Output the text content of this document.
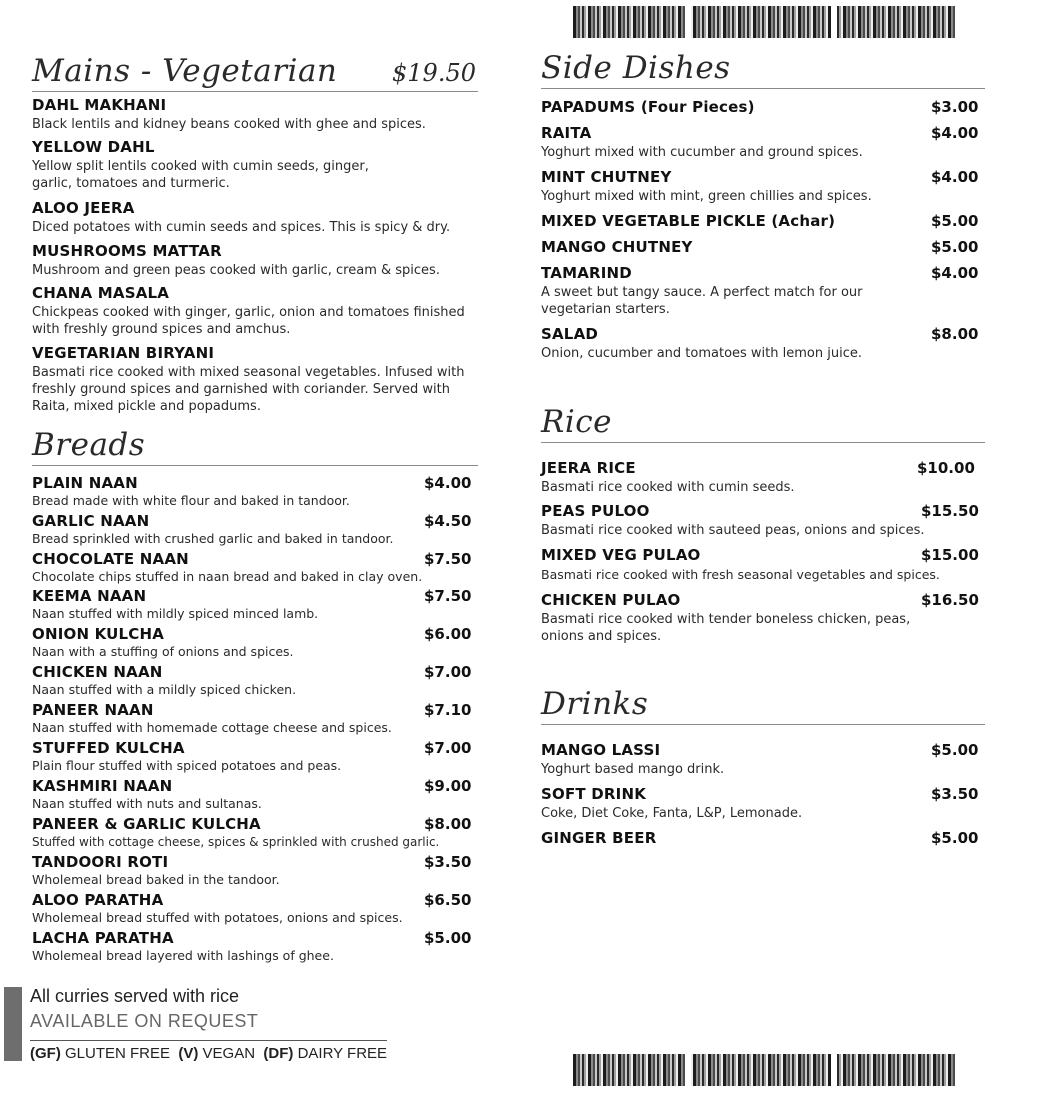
Mains - Vegetarian $19.50
DAHL MAKHANI
Black lentils and kidney beans cooked with ghee and spices.
YELLOW DAHL
Yellow split lentils cooked with cumin seeds, ginger, garlic, tomatoes and turmeric.
ALOO JEERA
Diced potatoes with cumin seeds and spices. This is spicy & dry.
MUSHROOMS MATTAR
Mushroom and green peas cooked with garlic, cream & spices.
CHANA MASALA
Chickpeas cooked with ginger, garlic, onion and tomatoes finished with freshly ground spices and amchus.
VEGETARIAN BIRYANI
Basmati rice cooked with mixed seasonal vegetables. Infused with freshly ground spices and garnished with coriander. Served with Raita, mixed pickle and popadums.
Breads
PLAIN NAAN	$4.00
Bread made with white flour and baked in tandoor.
GARLIC NAAN	$4.50
Bread sprinkled with crushed garlic and baked in tandoor.
CHOCOLATE NAAN	$7.50
Chocolate chips stuffed in naan bread and baked in clay oven.
KEEMA NAAN	$7.50
Naan stuffed with mildly spiced minced lamb.
ONION KULCHA	$6.00
Naan with a stuffing of onions and spices.
CHICKEN NAAN	$7.00
Naan stuffed with a mildly spiced chicken.
PANEER NAAN	$7.10
Naan stuffed with homemade cottage cheese and spices.
STUFFED KULCHA	$7.00
Plain flour stuffed with spiced potatoes and peas.
KASHMIRI NAAN	$9.00
Naan stuffed with nuts and sultanas.
PANEER & GARLIC KULCHA	$8.00
Stuffed with cottage cheese, spices & sprinkled with crushed garlic.
TANDOORI ROTI	$3.50
Wholemeal bread baked in the tandoor.
ALOO PARATHA	$6.50
Wholemeal bread stuffed with potatoes, onions and spices.
LACHA PARATHA	$5.00
Wholemeal bread layered with lashings of ghee.
All curries served with rice
AVAILABLE ON REQUEST
(GF) GLUTEN FREE (V) VEGAN (DF) DAIRY FREE
Side Dishes
PAPADUMS (Four Pieces)	$3.00
RAITA	$4.00
Yoghurt mixed with cucumber and ground spices.
MINT CHUTNEY	$4.00
Yoghurt mixed with mint, green chillies and spices.
MIXED VEGETABLE PICKLE (Achar)	$5.00
MANGO CHUTNEY	$5.00
TAMARIND	$4.00
A sweet but tangy sauce. A perfect match for our vegetarian starters.
SALAD	$8.00
Onion, cucumber and tomatoes with lemon juice.
Rice
JEERA RICE	$10.00
Basmati rice cooked with cumin seeds.
PEAS PULOO	$15.50
Basmati rice cooked with sauteed peas, onions and spices.
MIXED VEG PULAO	$15.00
Basmati rice cooked with fresh seasonal vegetables and spices.
CHICKEN PULAO	$16.50
Basmati rice cooked with tender boneless chicken, peas, onions and spices.
Drinks
MANGO LASSI	$5.00
Yoghurt based mango drink.
SOFT DRINK	$3.50
Coke, Diet Coke, Fanta, L&P, Lemonade.
GINGER BEER	$5.00
